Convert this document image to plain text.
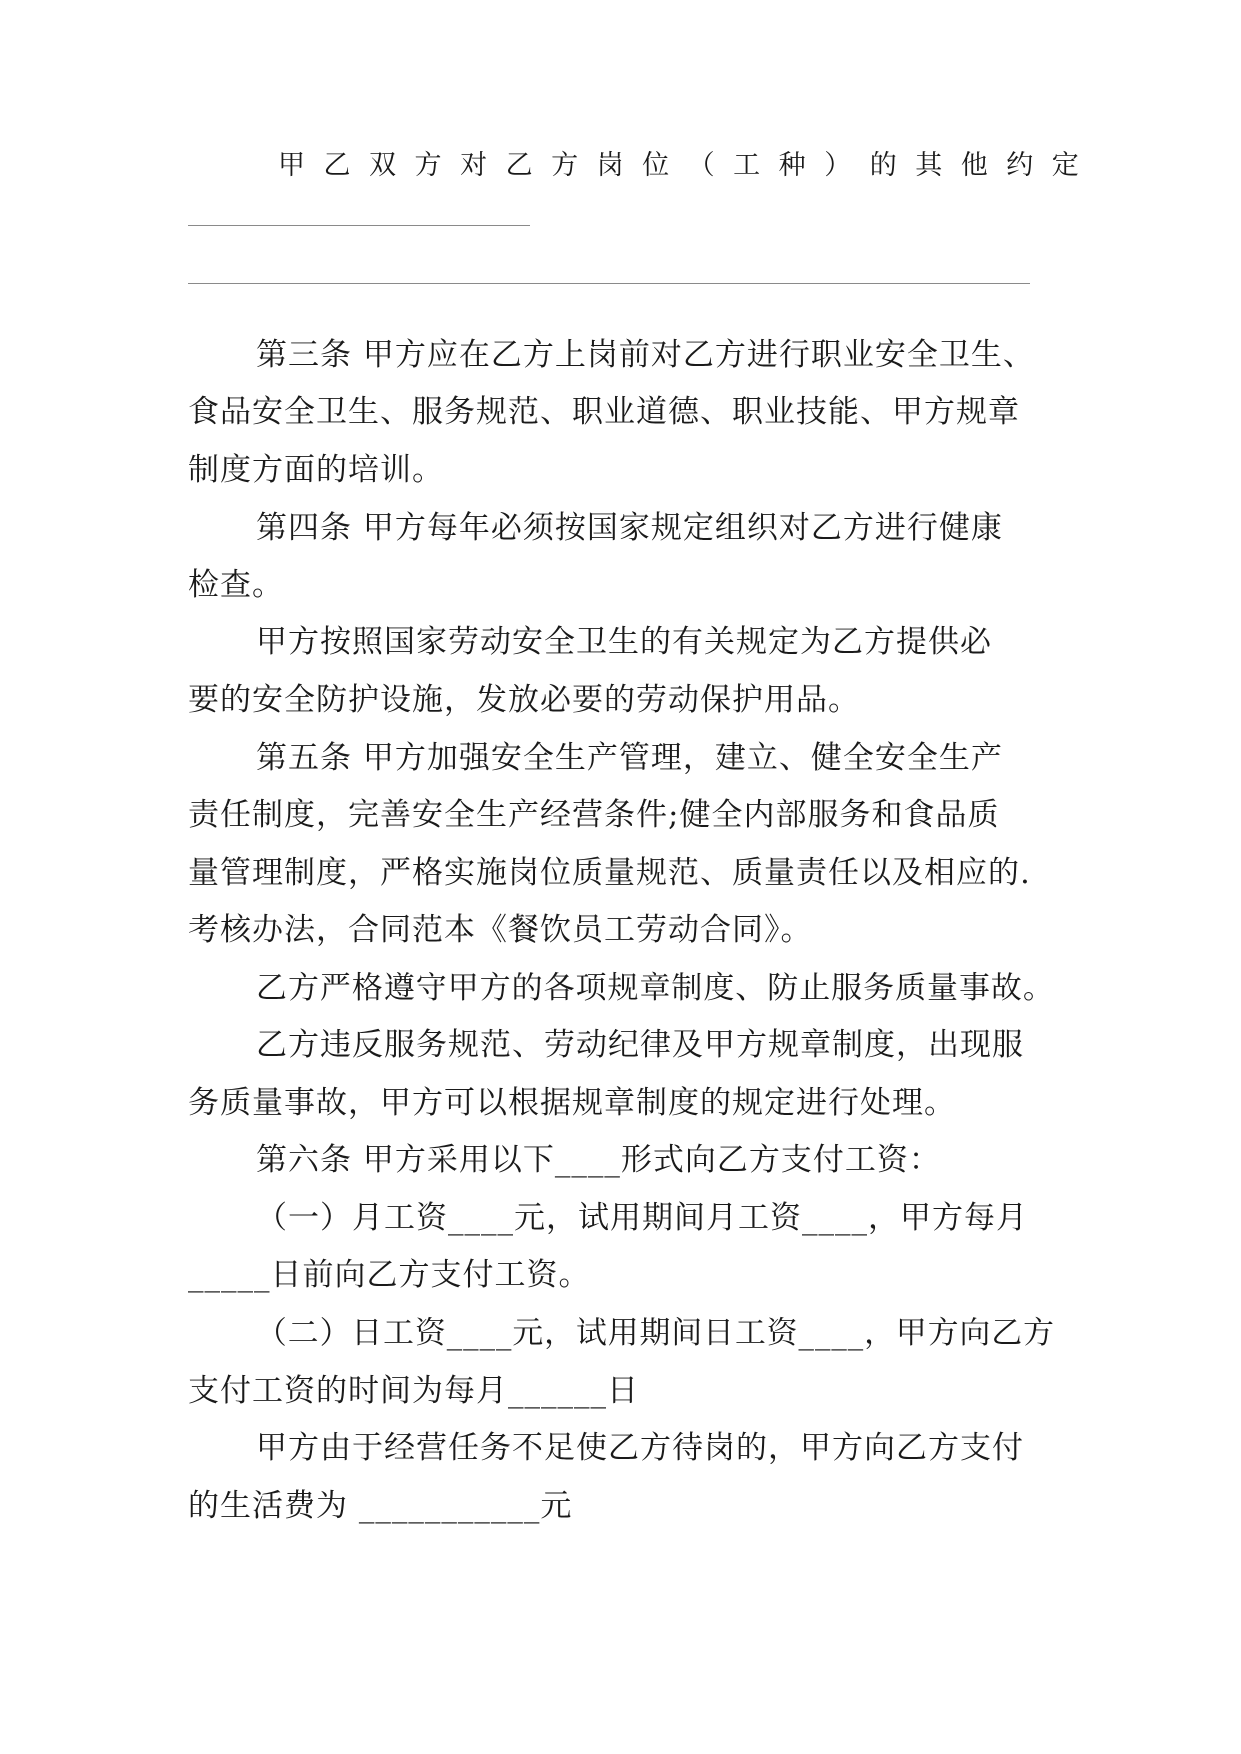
甲乙双方对乙方岗位（工种）的其他约定
第三条 甲方应在乙方上岗前对乙方进行职业安全卫生、
食品安全卫生、服务规范、职业道德、职业技能、甲方规章
制度方面的培训。
第四条 甲方每年必须按国家规定组织对乙方进行健康
检查。
甲方按照国家劳动安全卫生的有关规定为乙方提供必
要的安全防护设施，发放必要的劳动保护用品。
第五条 甲方加强安全生产管理，建立、健全安全生产
责任制度，完善安全生产经营条件;健全内部服务和食品质
量管理制度，严格实施岗位质量规范、质量责任以及相应的.
考核办法，合同范本《餐饮员工劳动合同》。
乙方严格遵守甲方的各项规章制度、防止服务质量事故。
乙方违反服务规范、劳动纪律及甲方规章制度，出现服
务质量事故，甲方可以根据规章制度的规定进行处理。
第六条 甲方采用以下____形式向乙方支付工资：
（一）月工资____元，试用期间月工资____，甲方每月
_____日前向乙方支付工资。
（二）日工资____元，试用期间日工资____，甲方向乙方
支付工资的时间为每月______日
甲方由于经营任务不足使乙方待岗的，甲方向乙方支付
的生活费为 ___________元
